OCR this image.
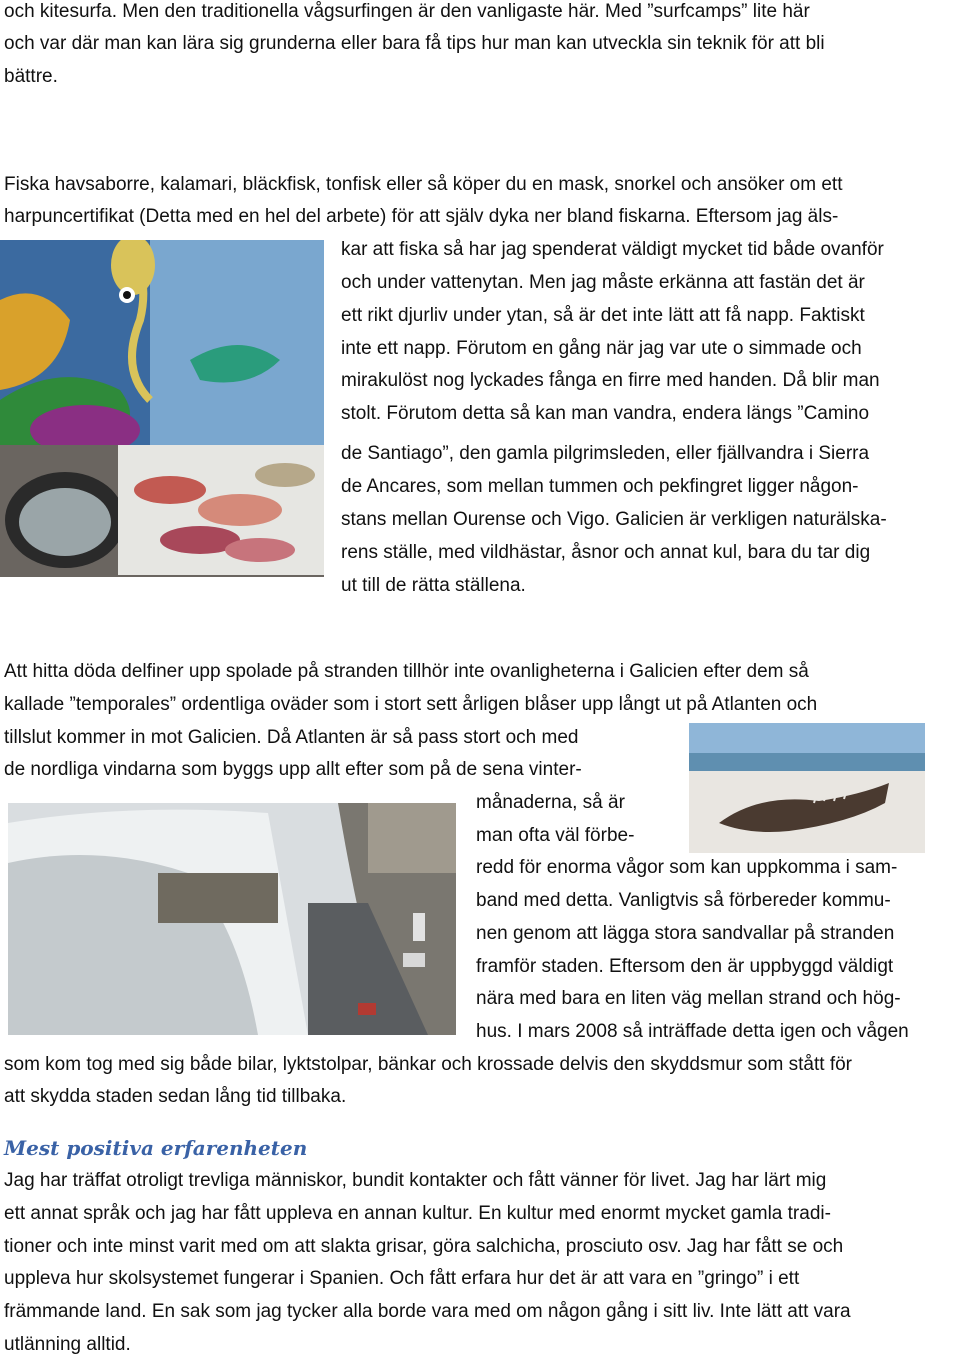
och kitesurfa. Men den traditionella vågsurfingen är den vanligaste här. Med ”surfcamps” lite här

och var där man kan lära sig grunderna eller bara få tips hur man kan utveckla sin teknik för att bli

bättre.

Fiska havsaborre, kalamari, bläckfisk, tonfisk eller så köper du en mask, snorkel och ansöker om ett

harpuncertifikat (Detta med en hel del arbete) för att själv dyka ner bland fiskarna. Eftersom jag äls-

kar att fiska så har jag spenderat väldigt mycket tid både ovanför

och under vattenytan. Men jag måste erkänna att fastän det är

ett rikt djurliv under ytan, så är det inte lätt att få napp. Faktiskt

inte ett napp. Förutom en gång när jag var ute o simmade och

mirakulöst nog lyckades fånga en firre med handen. Då blir man

stolt. Förutom detta så kan man vandra, endera längs ”Camino

de Santiago”, den gamla pilgrimsleden, eller fjällvandra i Sierra

de Ancares, som mellan tummen och pekfingret ligger någon-

stans mellan Ourense och Vigo. Galicien är verkligen naturälska-

rens ställe, med vildhästar, åsnor och annat kul, bara du tar dig

ut till de rätta ställena.

Att hitta döda delfiner upp spolade på stranden tillhör inte ovanligheterna i Galicien efter dem så

kallade ”temporales” ordentliga oväder som i stort sett årligen blåser upp långt ut på Atlanten och

tillslut kommer in mot Galicien. Då Atlanten är så pass stort och med

de nordliga vindarna som byggs upp allt efter som på de sena vinter-

månaderna, så är

man ofta väl förbe-

redd för enorma vågor som kan uppkomma i sam-

band med detta. Vanligtvis så förbereder kommu-

nen genom att lägga stora sandvallar på stranden

framför staden. Eftersom den är uppbyggd väldigt

nära med bara en liten väg mellan strand och hög-

hus. I mars 2008 så inträffade detta igen och vågen

som kom tog med sig både bilar, lyktstolpar, bänkar och krossade delvis den skyddsmur som stått för

att skydda staden sedan lång tid tillbaka.

Mest positiva erfarenheten

Jag har träffat otroligt trevliga människor, bundit kontakter och fått vänner för livet. Jag har lärt mig

ett annat språk och jag har fått uppleva en annan kultur. En kultur med enormt mycket gamla tradi-

tioner och inte minst varit med om att slakta grisar, göra salchicha, prosciuto osv. Jag har fått se och

uppleva hur skolsystemet fungerar i Spanien. Och fått erfara hur det är att vara en ”gringo” i ett

främmande land. En sak som jag tycker alla borde vara med om någon gång i sitt liv. Inte lätt att vara

utlänning alltid.
